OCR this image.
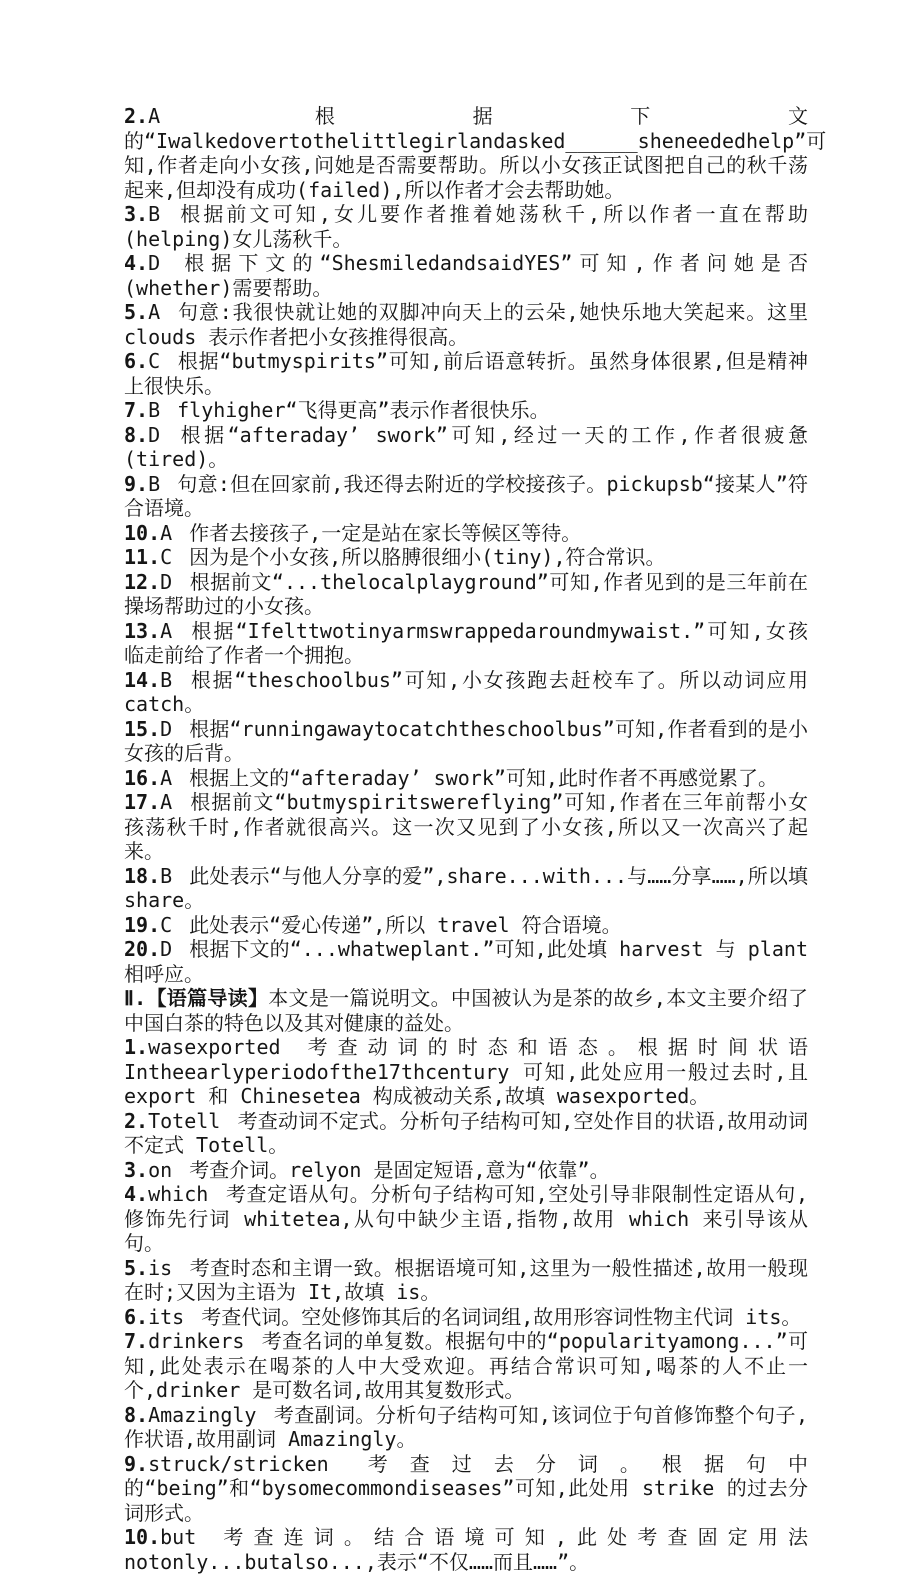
2.A 根据下文的“Iwalkedovertothelittlegirlandasked______sheneededhelp”可知,作者走向小女孩,问她是否需要帮助。所以小女孩正试图把自己的秋千荡起来,但却没有成功(failed),所以作者才会去帮助她。

3.B 根据前文可知,女儿要作者推着她荡秋千,所以作者一直在帮助(helping)女儿荡秋千。

4.D 根据下文的“ShesmiledandsaidYES”可知,作者问她是否(whether)需要帮助。

5.A 句意:我很快就让她的双脚冲向天上的云朵,她快乐地大笑起来。这里 clouds 表示作者把小女孩推得很高。

6.C 根据“butmyspirits”可知,前后语意转折。虽然身体很累,但是精神上很快乐。

7.B flyhigher“飞得更高”表示作者很快乐。

8.D 根据“afteraday’ swork”可知,经过一天的工作,作者很疲惫(tired)。

9.B 句意:但在回家前,我还得去附近的学校接孩子。pickupsb“接某人”符合语境。

10.A 作者去接孩子,一定是站在家长等候区等待。

11.C 因为是个小女孩,所以胳膊很细小(tiny),符合常识。

12.D 根据前文“...thelocalplayground”可知,作者见到的是三年前在操场帮助过的小女孩。

13.A 根据“Ifelttwotinyarmswrappedaroundmywaist.”可知,女孩临走前给了作者一个拥抱。

14.B 根据“theschoolbus”可知,小女孩跑去赶校车了。所以动词应用 catch。

15.D 根据“runningawaytocatchtheschoolbus”可知,作者看到的是小女孩的后背。

16.A 根据上文的“afteraday’ swork”可知,此时作者不再感觉累了。

17.A 根据前文“butmyspiritswereflying”可知,作者在三年前帮小女孩荡秋千时,作者就很高兴。这一次又见到了小女孩,所以又一次高兴了起来。

18.B 此处表示“与他人分享的爱”,share...with...与……分享……,所以填 share。

19.C 此处表示“爱心传递”,所以 travel 符合语境。

20.D 根据下文的“...whatweplant.”可知,此处填 harvest 与 plant 相呼应。

Ⅱ.【语篇导读】本文是一篇说明文。中国被认为是茶的故乡,本文主要介绍了中国白茶的特色以及其对健康的益处。

1.wasexported 考查动词的时态和语态。根据时间状语 Intheearlyperiodofthe17thcentury 可知,此处应用一般过去时,且 export 和 Chinesetea 构成被动关系,故填 wasexported。

2.Totell 考查动词不定式。分析句子结构可知,空处作目的状语,故用动词不定式 Totell。

3.on 考查介词。relyon 是固定短语,意为“依靠”。

4.which 考查定语从句。分析句子结构可知,空处引导非限制性定语从句,修饰先行词 whitetea,从句中缺少主语,指物,故用 which 来引导该从句。

5.is 考查时态和主谓一致。根据语境可知,这里为一般性描述,故用一般现在时;又因为主语为 It,故填 is。

6.its 考查代词。空处修饰其后的名词词组,故用形容词性物主代词 its。

7.drinkers 考查名词的单复数。根据句中的“popularityamong...”可知,此处表示在喝茶的人中大受欢迎。再结合常识可知,喝茶的人不止一个,drinker 是可数名词,故用其复数形式。

8.Amazingly 考查副词。分析句子结构可知,该词位于句首修饰整个句子,作状语,故用副词 Amazingly。

9.struck/stricken 考查过去分词。根据句中的“being”和“bysomecommondiseases”可知,此处用 strike 的过去分词形式。

10.but 考查连词。结合语境可知,此处考查固定用法 notonly...butalso...,表示“不仅……而且……”。
